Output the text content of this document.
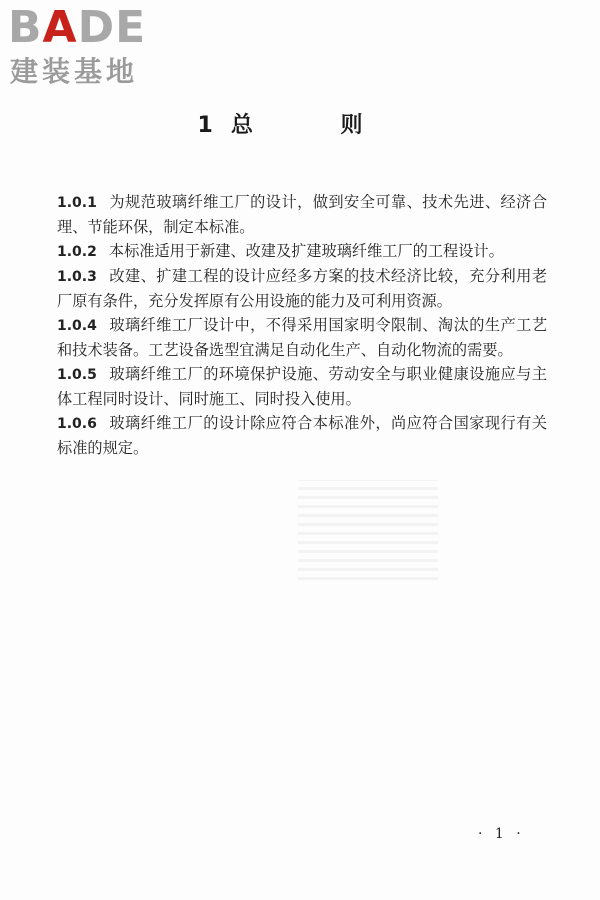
BADE
建装基地
1 总 则

1.0.1 为规范玻璃纤维工厂的设计，做到安全可靠、技术先进、经济合理、节能环保，制定本标准。

1.0.2 本标准适用于新建、改建及扩建玻璃纤维工厂的工程设计。

1.0.3 改建、扩建工程的设计应经多方案的技术经济比较，充分利用老厂原有条件，充分发挥原有公用设施的能力及可利用资源。

1.0.4 玻璃纤维工厂设计中，不得采用国家明令限制、淘汰的生产工艺和技术装备。工艺设备选型宜满足自动化生产、自动化物流的需要。

1.0.5 玻璃纤维工厂的环境保护设施、劳动安全与职业健康设施应与主体工程同时设计、同时施工、同时投入使用。

1.0.6 玻璃纤维工厂的设计除应符合本标准外，尚应符合国家现行有关标准的规定。

· 1 ·
